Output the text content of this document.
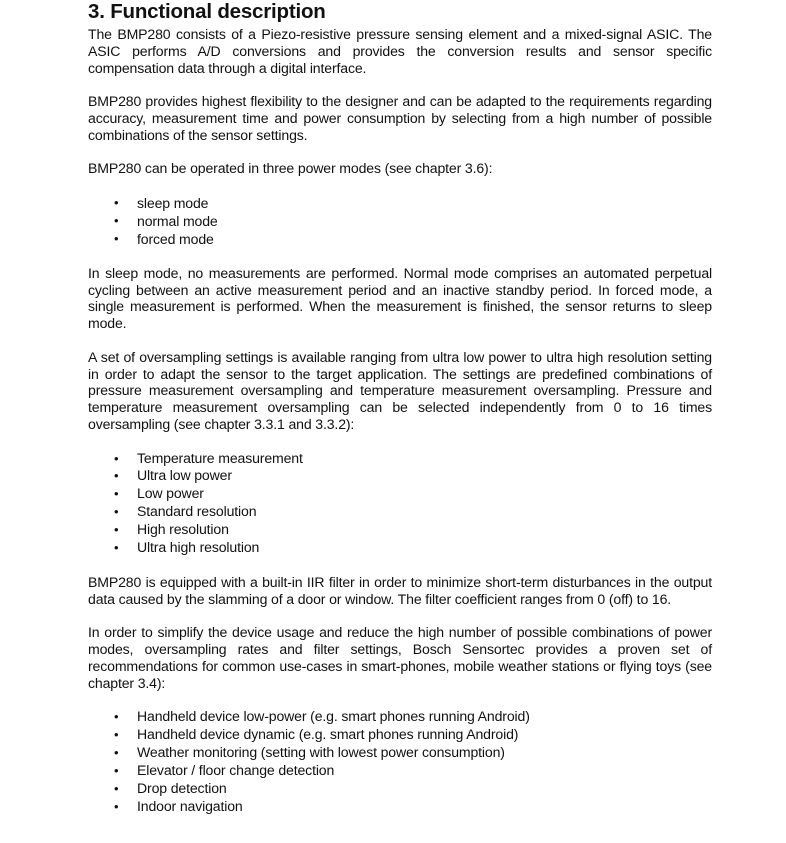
3. Functional description

The BMP280 consists of a Piezo-resistive pressure sensing element and a mixed-signal ASIC. The ASIC performs A/D conversions and provides the conversion results and sensor specific compensation data through a digital interface.

BMP280 provides highest flexibility to the designer and can be adapted to the requirements regarding accuracy, measurement time and power consumption by selecting from a high number of possible combinations of the sensor settings.

BMP280 can be operated in three power modes (see chapter 3.6):

• sleep mode
• normal mode
• forced mode

In sleep mode, no measurements are performed. Normal mode comprises an automated perpetual cycling between an active measurement period and an inactive standby period. In forced mode, a single measurement is performed. When the measurement is finished, the sensor returns to sleep mode.

A set of oversampling settings is available ranging from ultra low power to ultra high resolution setting in order to adapt the sensor to the target application. The settings are predefined combinations of pressure measurement oversampling and temperature measurement oversampling. Pressure and temperature measurement oversampling can be selected independently from 0 to 16 times oversampling (see chapter 3.3.1 and 3.3.2):

• Temperature measurement
• Ultra low power
• Low power
• Standard resolution
• High resolution
• Ultra high resolution

BMP280 is equipped with a built-in IIR filter in order to minimize short-term disturbances in the output data caused by the slamming of a door or window. The filter coefficient ranges from 0 (off) to 16.

In order to simplify the device usage and reduce the high number of possible combinations of power modes, oversampling rates and filter settings, Bosch Sensortec provides a proven set of recommendations for common use-cases in smart-phones, mobile weather stations or flying toys (see chapter 3.4):

• Handheld device low-power (e.g. smart phones running Android)
• Handheld device dynamic (e.g. smart phones running Android)
• Weather monitoring (setting with lowest power consumption)
• Elevator / floor change detection
• Drop detection
• Indoor navigation
